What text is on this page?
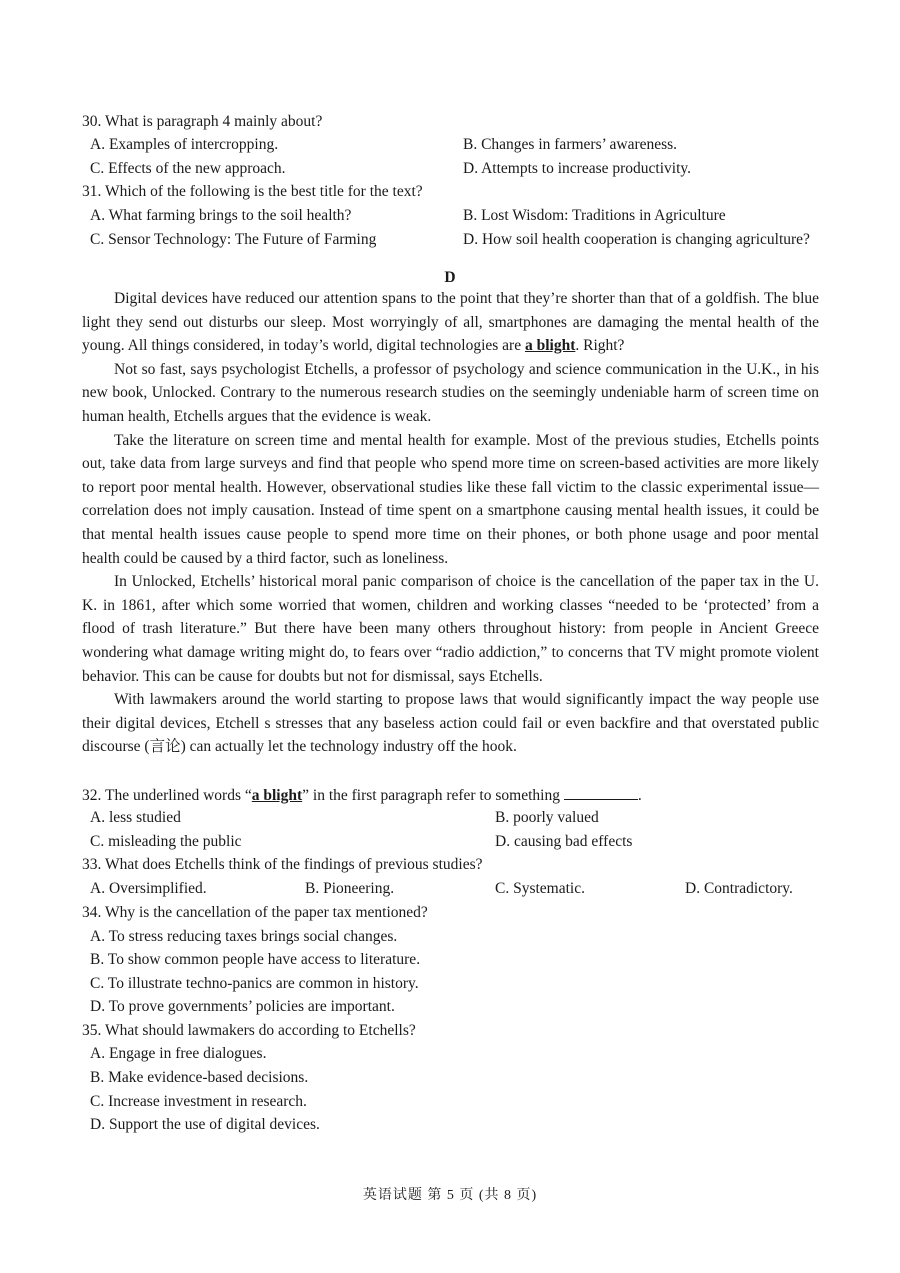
30. What is paragraph 4 mainly about?
A. Examples of intercropping.	B. Changes in farmers’ awareness.
C. Effects of the new approach.	D. Attempts to increase productivity.
31. Which of the following is the best title for the text?
A. What farming brings to the soil health?	B. Lost Wisdom: Traditions in Agriculture
C. Sensor Technology: The Future of Farming	D. How soil health cooperation is changing agriculture?
D

Digital devices have reduced our attention spans to the point that they’re shorter than that of a goldfish. The blue light they send out disturbs our sleep. Most worryingly of all, smartphones are damaging the mental health of the young. All things considered, in today’s world, digital technologies are a blight. Right?

Not so fast, says psychologist Etchells, a professor of psychology and science communication in the U.K., in his new book, Unlocked. Contrary to the numerous research studies on the seemingly undeniable harm of screen time on human health, Etchells argues that the evidence is weak.

Take the literature on screen time and mental health for example. Most of the previous studies, Etchells points out, take data from large surveys and find that people who spend more time on screen-based activities are more likely to report poor mental health. However, observational studies like these fall victim to the classic experimental issue—correlation does not imply causation. Instead of time spent on a smartphone causing mental health issues, it could be that mental health issues cause people to spend more time on their phones, or both phone usage and poor mental health could be caused by a third factor, such as loneliness.

In Unlocked, Etchells’ historical moral panic comparison of choice is the cancellation of the paper tax in the U. K. in 1861, after which some worried that women, children and working classes “needed to be ‘protected’ from a flood of trash literature.” But there have been many others throughout history: from people in Ancient Greece wondering what damage writing might do, to fears over “radio addiction,” to concerns that TV might promote violent behavior. This can be cause for doubts but not for dismissal, says Etchells.

With lawmakers around the world starting to propose laws that would significantly impact the way people use their digital devices, Etchell s stresses that any baseless action could fail or even backfire and that overstated public discourse (言论) can actually let the technology industry off the hook.

32. The underlined words “a blight” in the first paragraph refer to something	.
A. less studied	B. poorly valued
C. misleading the public	D. causing bad effects
33. What does Etchells think of the findings of previous studies?
A. Oversimplified.	B. Pioneering.	C. Systematic.	D. Contradictory.
34. Why is the cancellation of the paper tax mentioned?
A. To stress reducing taxes brings social changes.
B. To show common people have access to literature.
C. To illustrate techno-panics are common in history.
D. To prove governments’ policies are important.
35. What should lawmakers do according to Etchells?
A. Engage in free dialogues.
B. Make evidence-based decisions.
C. Increase investment in research.
D. Support the use of digital devices.
英语试题 第 5 页 (共 8 页)
